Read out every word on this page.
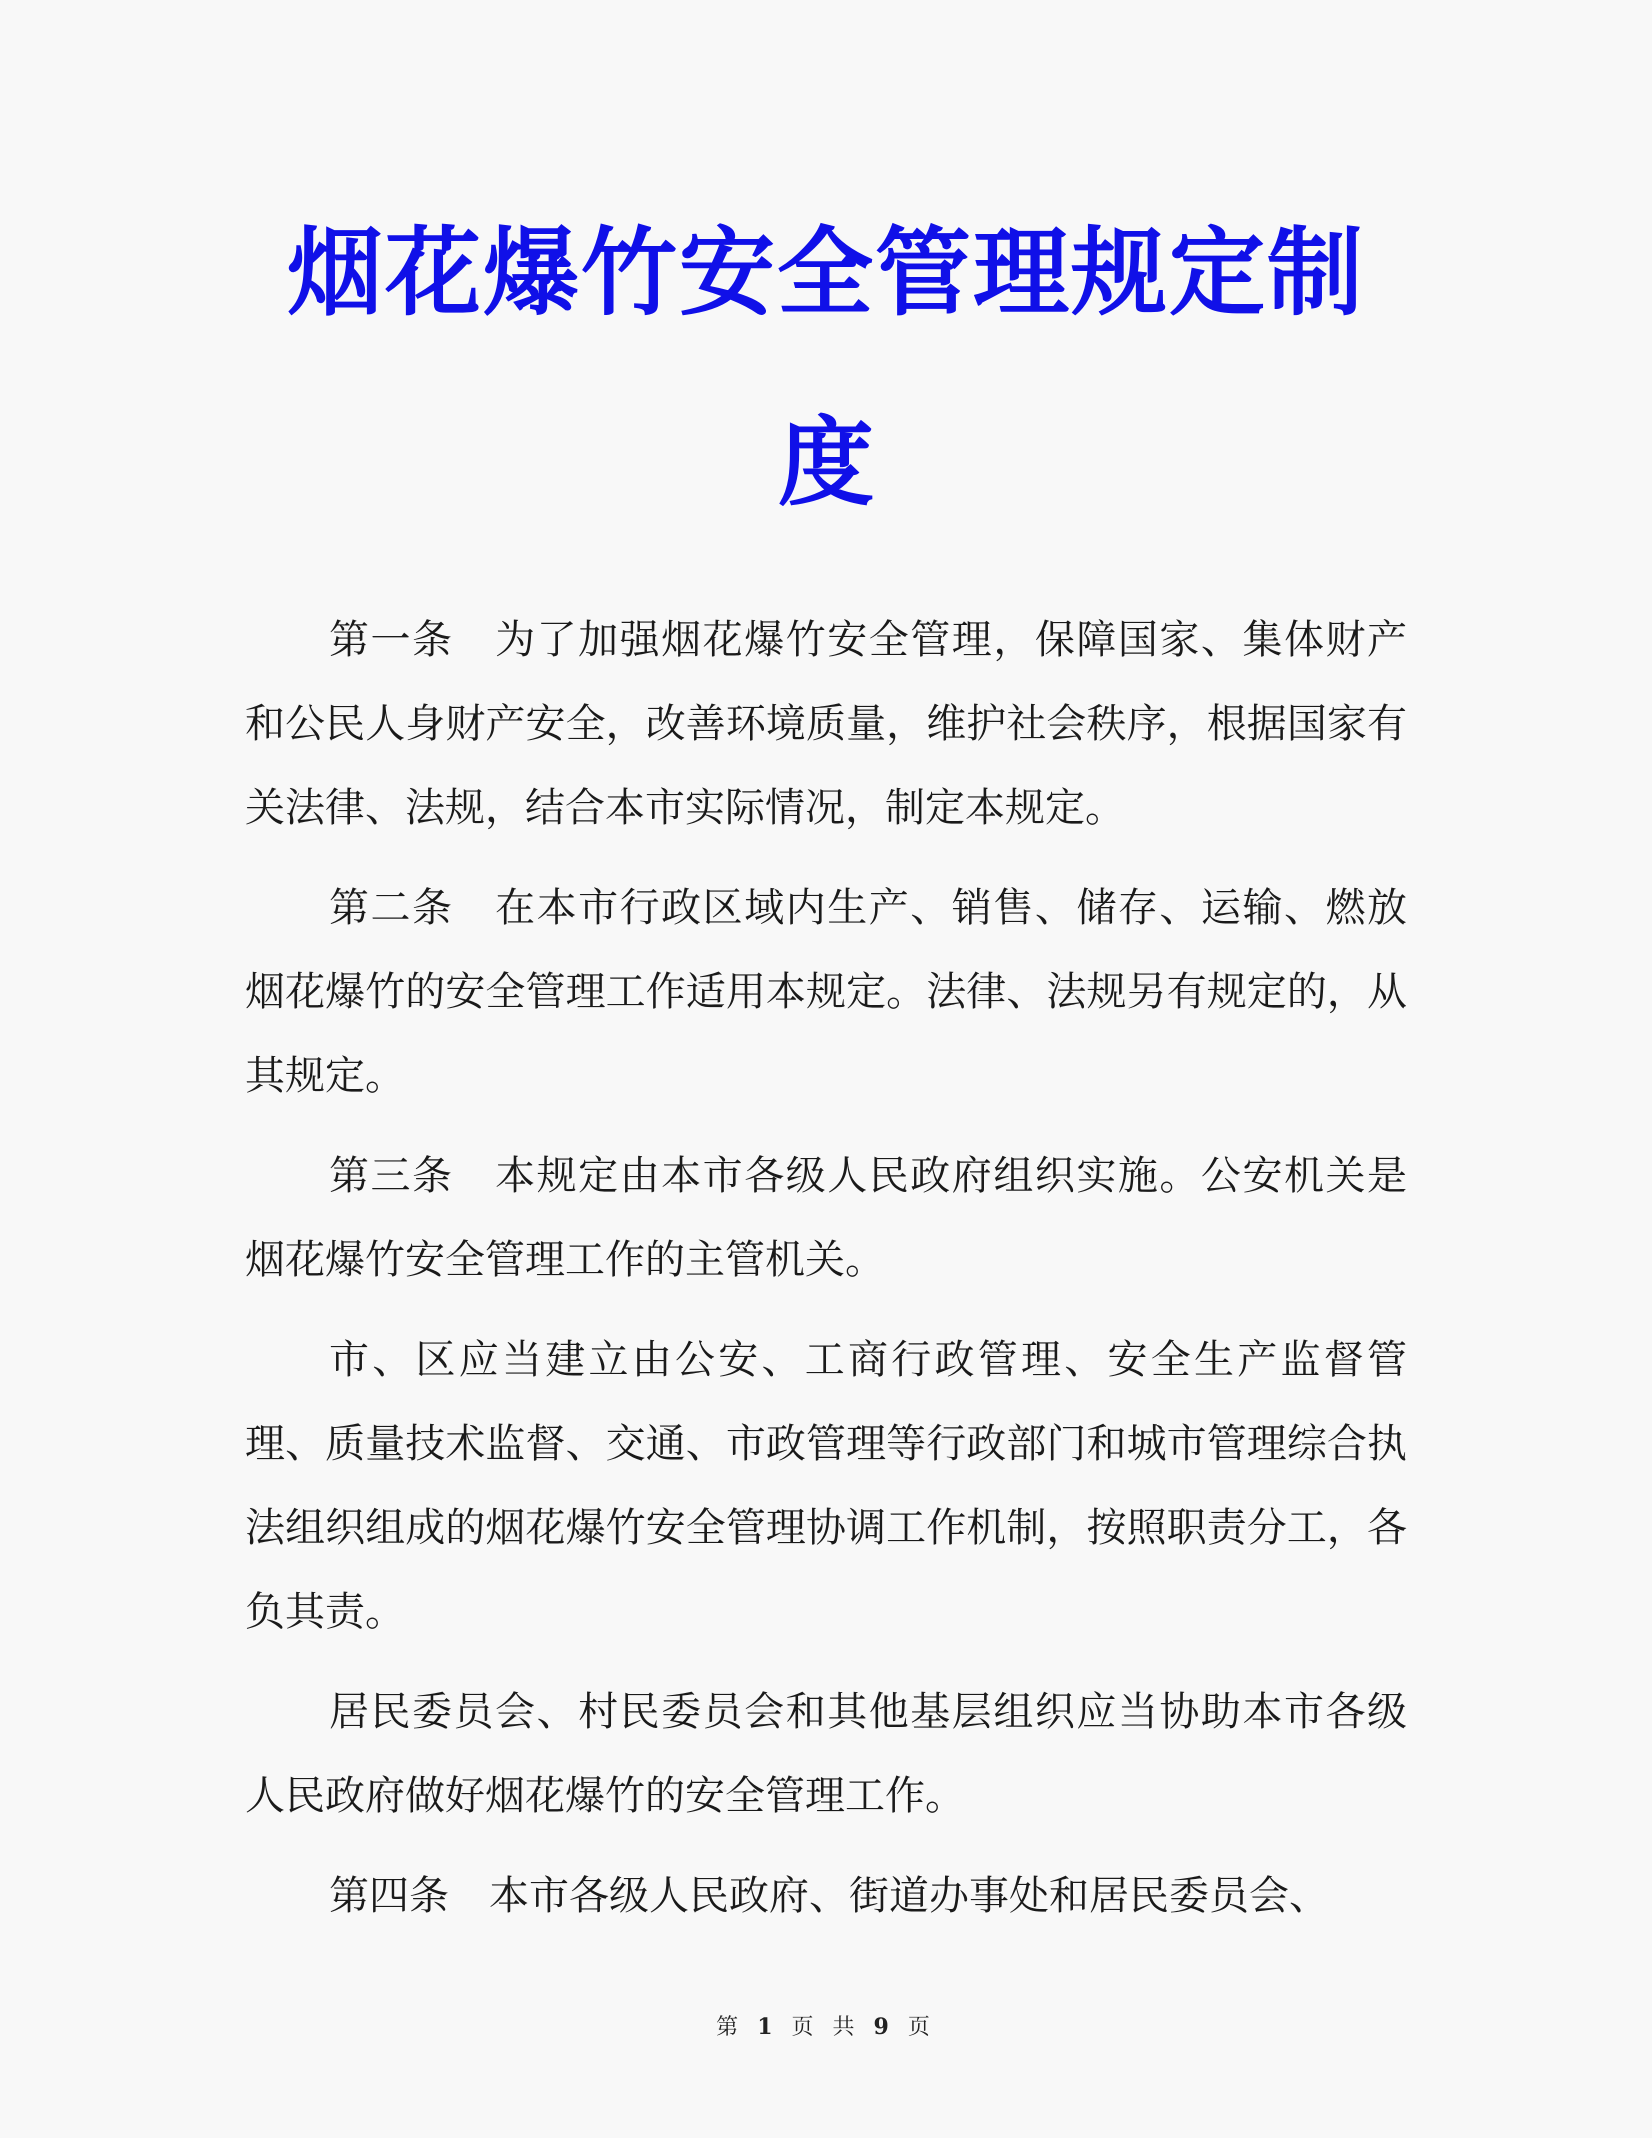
烟花爆竹安全管理规定制
度

第一条　为了加强烟花爆竹安全管理，保障国家、集体财产和公民人身财产安全，改善环境质量，维护社会秩序，根据国家有关法律、法规，结合本市实际情况，制定本规定。

第二条　在本市行政区域内生产、销售、储存、运输、燃放烟花爆竹的安全管理工作适用本规定。法律、法规另有规定的，从其规定。

第三条　本规定由本市各级人民政府组织实施。公安机关是烟花爆竹安全管理工作的主管机关。

市、区应当建立由公安、工商行政管理、安全生产监督管理、质量技术监督、交通、市政管理等行政部门和城市管理综合执法组织组成的烟花爆竹安全管理协调工作机制，按照职责分工，各负其责。

居民委员会、村民委员会和其他基层组织应当协助本市各级人民政府做好烟花爆竹的安全管理工作。

第四条　本市各级人民政府、街道办事处和居民委员会、

第 1 页 共 9 页
